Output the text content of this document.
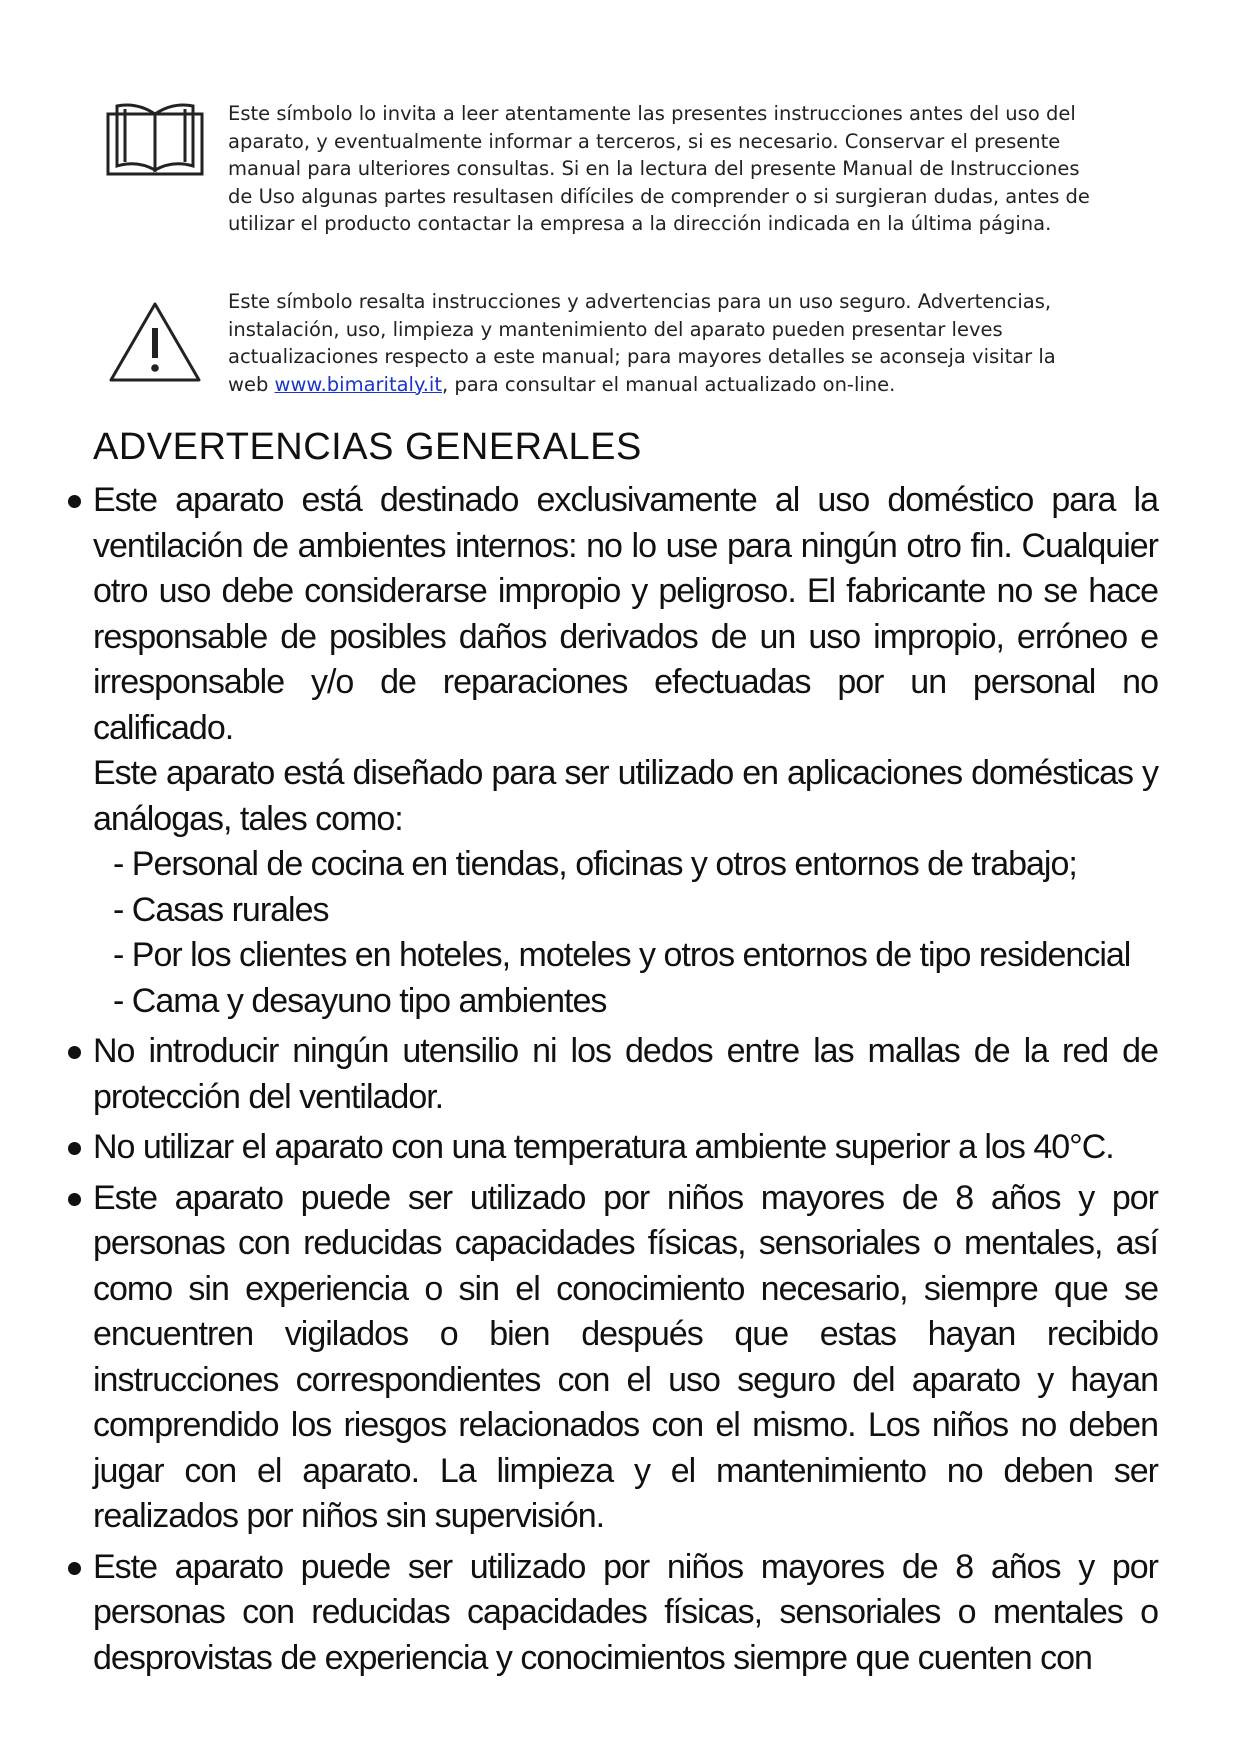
Este símbolo lo invita a leer atentamente las presentes instrucciones antes del uso del aparato, y eventualmente informar a terceros, si es necesario. Conservar el presente manual para ulteriores consultas. Si en la lectura del presente Manual de Instrucciones de Uso algunas partes resultasen difíciles de comprender o si surgieran dudas, antes de utilizar el producto contactar la empresa a la dirección indicada en la última página.
Este símbolo resalta instrucciones y advertencias para un uso seguro. Advertencias, instalación, uso, limpieza y mantenimiento del aparato pueden presentar leves actualizaciones respecto a este manual; para mayores detalles se aconseja visitar la web www.bimaritaly.it, para consultar el manual actualizado on-line.
ADVERTENCIAS GENERALES

Este aparato está destinado exclusivamente al uso doméstico para la ventilación de ambientes internos: no lo use para ningún otro fin. Cualquier otro uso debe considerarse impropio y peligroso. El fabricante no se hace responsable de posibles daños derivados de un uso impropio, erróneo e irresponsable y/o de reparaciones efectuadas por un personal no calificado.

Este aparato está diseñado para ser utilizado en aplicaciones domésticas y análogas, tales como:

- Personal de cocina en tiendas, oficinas y otros entornos de trabajo;

- Casas rurales

- Por los clientes en hoteles, moteles y otros entornos de tipo residencial

- Cama y desayuno tipo ambientes

No introducir ningún utensilio ni los dedos entre las mallas de la red de protección del ventilador.

No utilizar el aparato con una temperatura ambiente superior a los 40°C.

Este aparato puede ser utilizado por niños mayores de 8 años y por personas con reducidas capacidades físicas, sensoriales o mentales, así como sin experiencia o sin el conocimiento necesario, siempre que se encuentren vigilados o bien después que estas hayan recibido instrucciones correspondientes con el uso seguro del aparato y hayan comprendido los riesgos relacionados con el mismo. Los niños no deben jugar con el aparato. La limpieza y el mantenimiento no deben ser realizados por niños sin supervisión.

Este aparato puede ser utilizado por niños mayores de 8 años y por personas con reducidas capacidades físicas, sensoriales o mentales o desprovistas de experiencia y conocimientos siempre que cuenten con
